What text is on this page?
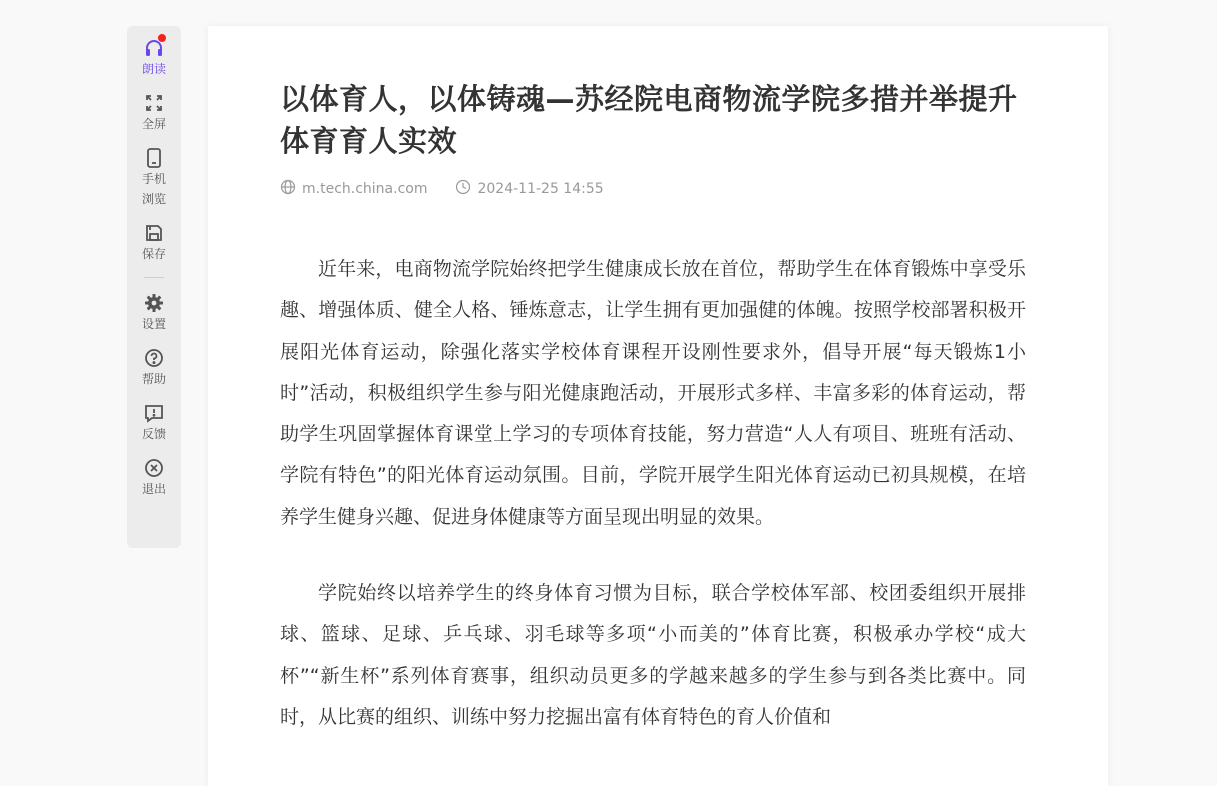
朗读
全屏
手机浏览
保存
设置
帮助
反馈
退出
以体育人，以体铸魂—苏经院电商物流学院多措并举提升体育育人实效
m.tech.china.com	2024-11-25 14:55

近年来，电商物流学院始终把学生健康成长放在首位，帮助学生在体育锻炼中享受乐趣、增强体质、健全人格、锤炼意志，让学生拥有更加强健的体魄。按照学校部署积极开展阳光体育运动，除强化落实学校体育课程开设刚性要求外，倡导开展“每天锻炼1小时”活动，积极组织学生参与阳光健康跑活动，开展形式多样、丰富多彩的体育运动，帮助学生巩固掌握体育课堂上学习的专项体育技能，努力营造“人人有项目、班班有活动、学院有特色”的阳光体育运动氛围。目前，学院开展学生阳光体育运动已初具规模，在培养学生健身兴趣、促进身体健康等方面呈现出明显的效果。

学院始终以培养学生的终身体育习惯为目标，联合学校体军部、校团委组织开展排球、篮球、足球、乒乓球、羽毛球等多项“小而美的”体育比赛，积极承办学校“成大杯”“新生杯”系列体育赛事，组织动员更多的学越来越多的学生参与到各类比赛中。同时，从比赛的组织、训练中努力挖掘出富有体育特色的育人价值和
